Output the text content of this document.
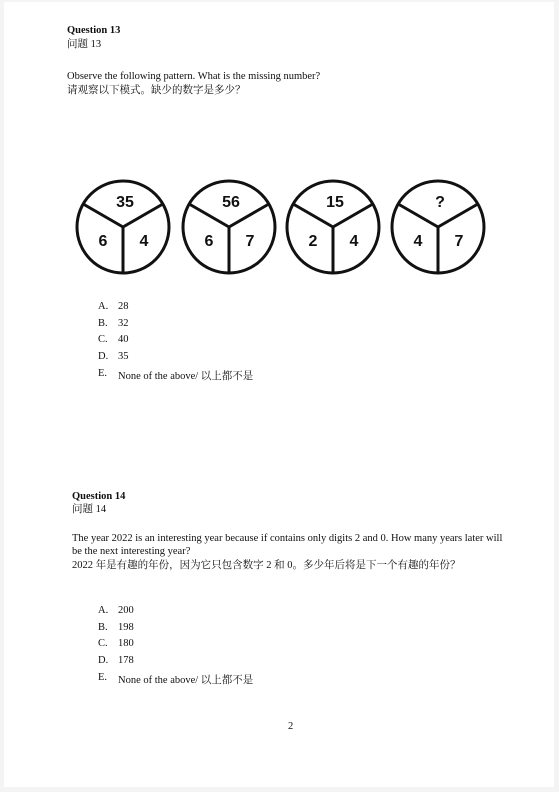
Question 13
问题 13
Observe the following pattern. What is the missing number?
请观察以下模式。缺少的数字是多少？
35
6 4
56
6 7
15
2 4
?
4 7
A. 28
B. 32
C. 40
D. 35
E. None of the above/ 以上都不是
Question 14
问题 14
The year 2022 is an interesting year because if contains only digits 2 and 0. How many years later will
be the next interesting year?
2022 年是有趣的年份，因为它只包含数字 2 和 0。多少年后将是下一个有趣的年份？
A. 200
B. 198
C. 180
D. 178
E. None of the above/ 以上都不是
2
